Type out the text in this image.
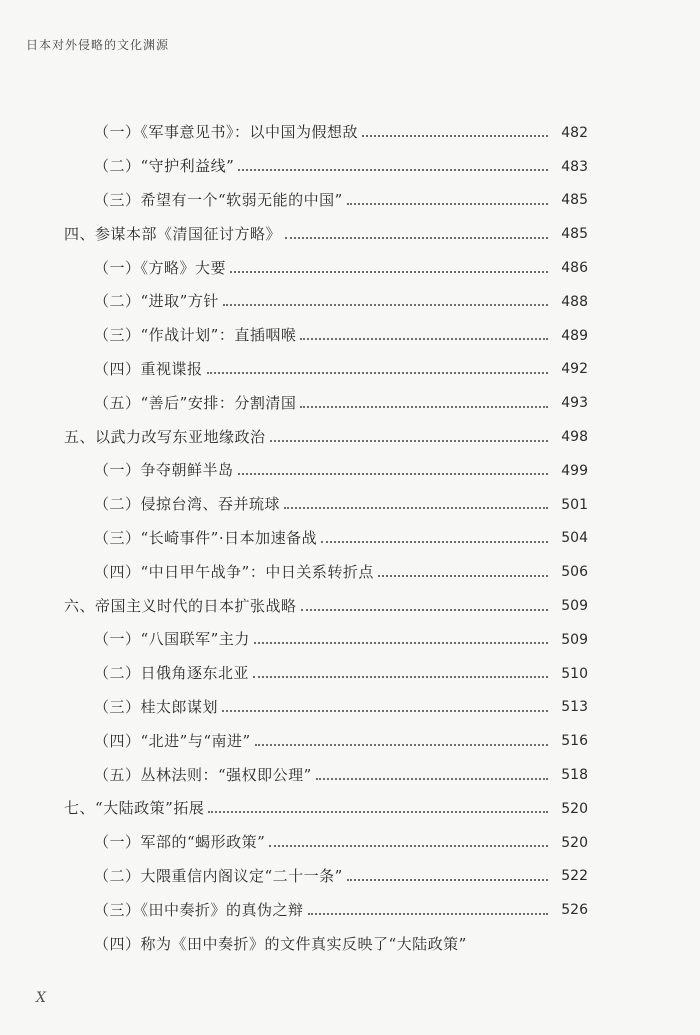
日本对外侵略的文化渊源
（一）《军事意见书》：以中国为假想敌	482
（二）“守护利益线”	483
（三）希望有一个“软弱无能的中国”	485
四、参谋本部《清国征讨方略》	485
（一）《方略》大要	486
（二）“进取”方针	488
（三）“作战计划”：直插咽喉	489
（四）重视谍报	492
（五）“善后”安排：分割清国	493
五、以武力改写东亚地缘政治	498
（一）争夺朝鲜半岛	499
（二）侵掠台湾、吞并琉球	501
（三）“长崎事件”·日本加速备战	504
（四）“中日甲午战争”：中日关系转折点	506
六、帝国主义时代的日本扩张战略	509
（一）“八国联军”主力	509
（二）日俄角逐东北亚	510
（三）桂太郎谋划	513
（四）“北进”与“南进”	516
（五）丛林法则：“强权即公理”	518
七、“大陆政策”拓展	520
（一）军部的“蝎形政策”	520
（二）大隈重信内阁议定“二十一条”	522
（三）《田中奏折》的真伪之辩	526
（四）称为《田中奏折》的文件真实反映了“大陆政策”
X
